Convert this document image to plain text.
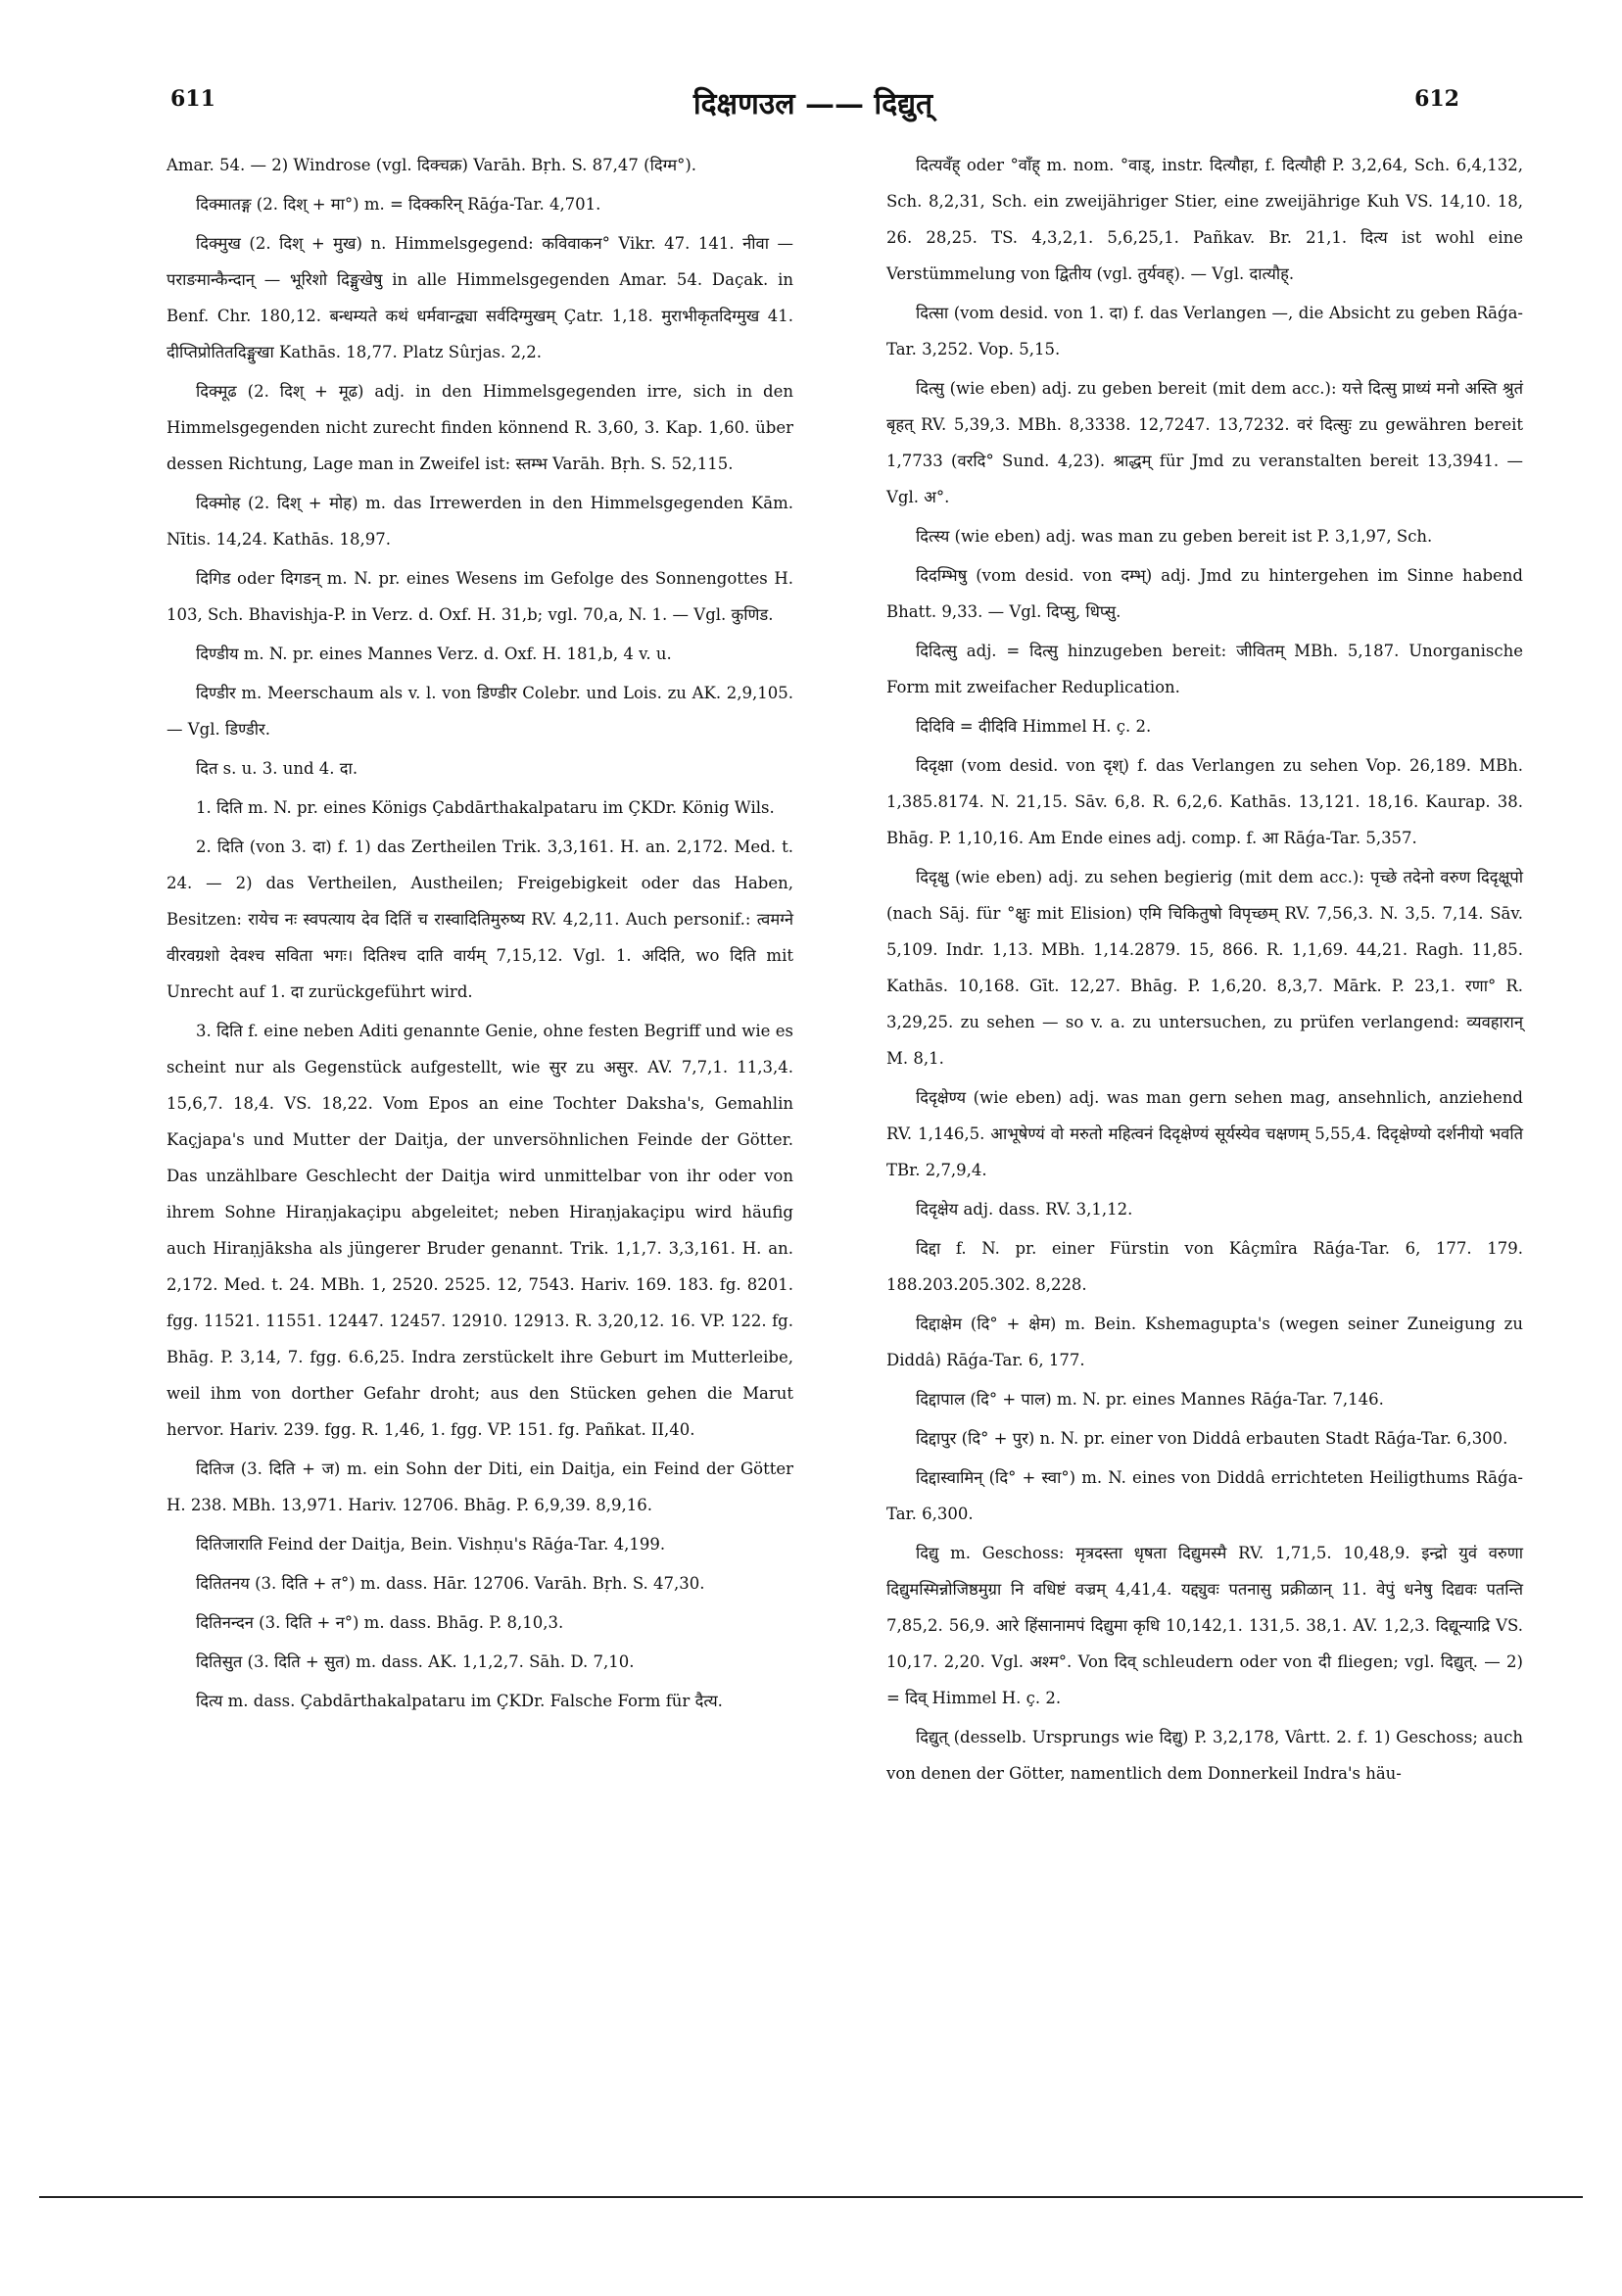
611	दिक्षणउल —— दिद्युत्	612

Amar. 54. — 2) Windrose (vgl. दिक्चक्र) Varāh. Bṛh. S. 87,47 (दिग्म°).

दिक्मातङ्ग (2. दिश् + मा°) m. = दिक्करिन् Rāǵa-Tar. 4,701.

दिक्मुख (2. दिश् + मुख) n. Himmelsgegend: कविवाकन° Vikr. 47. 141. नीवा — पराङमान्कैन्दान् — भूरिशो दिङ्मुखेषु in alle Himmelsgegenden Amar. 54. Daçak. in Benf. Chr. 180,12. बन्धम्यते कथं धर्मवान्द्व्या सर्वदिग्मुखम् Çatr. 1,18. मुराभीकृतदिग्मुख 41. दीप्तिप्रोतितदिङ्मुखा Kathās. 18,77. Platz Sûrjas. 2,2.

दिक्मूढ (2. दिश् + मूढ) adj. in den Himmelsgegenden irre, sich in den Himmelsgegenden nicht zurecht finden könnend R. 3,60, 3. Kap. 1,60. über dessen Richtung, Lage man in Zweifel ist: स्तम्भ Varāh. Bṛh. S. 52,115.

दिक्मोह (2. दिश् + मोह) m. das Irrewerden in den Himmelsgegenden Kām. Nītis. 14,24. Kathās. 18,97.

दिगिड oder दिगडन् m. N. pr. eines Wesens im Gefolge des Sonnengottes H. 103, Sch. Bhavishja-P. in Verz. d. Oxf. H. 31,b; vgl. 70,a, N. 1. — Vgl. कुणिड.

दिण्डीय m. N. pr. eines Mannes Verz. d. Oxf. H. 181,b, 4 v. u.

दिण्डीर m. Meerschaum als v. l. von डिण्डीर Colebr. und Lois. zu AK. 2,9,105. — Vgl. डिण्डीर.

दित s. u. 3. und 4. दा.

1. दिति m. N. pr. eines Königs Çabdārthakalpataru im ÇKDr. König Wils.

2. दिति (von 3. दा) f. 1) das Zertheilen Trik. 3,3,161. H. an. 2,172. Med. t. 24. — 2) das Vertheilen, Austheilen; Freigebigkeit oder das Haben, Besitzen: रायेच नः स्वपत्याय देव दितिं च रास्वादितिमुरुष्य RV. 4,2,11. Auch personif.: त्वमग्ने वीरवग्रशो देवश्च सविता भगः। दितिश्च दाति वार्यम् 7,15,12. Vgl. 1. अदिति, wo दिति mit Unrecht auf 1. दा zurückgeführt wird.

3. दिति f. eine neben Aditi genannte Genie, ohne festen Begriff und wie es scheint nur als Gegenstück aufgestellt, wie सुर zu असुर. AV. 7,7,1. 11,3,4. 15,6,7. 18,4. VS. 18,22. Vom Epos an eine Tochter Daksha's, Gemahlin Kaçjapa's und Mutter der Daitja, der unversöhnlichen Feinde der Götter. Das unzählbare Geschlecht der Daitja wird unmittelbar von ihr oder von ihrem Sohne Hiraṇjakaçipu abgeleitet; neben Hiraṇjakaçipu wird häufig auch Hiraṇjāksha als jüngerer Bruder genannt. Trik. 1,1,7. 3,3,161. H. an. 2,172. Med. t. 24. MBh. 1, 2520. 2525. 12, 7543. Hariv. 169. 183. fg. 8201. fgg. 11521. 11551. 12447. 12457. 12910. 12913. R. 3,20,12. 16. VP. 122. fg. Bhāg. P. 3,14, 7. fgg. 6.6,25. Indra zerstückelt ihre Geburt im Mutterleibe, weil ihm von dorther Gefahr droht; aus den Stücken gehen die Marut hervor. Hariv. 239. fgg. R. 1,46, 1. fgg. VP. 151. fg. Pañkat. II,40.

दितिज (3. दिति + ज) m. ein Sohn der Diti, ein Daitja, ein Feind der Götter H. 238. MBh. 13,971. Hariv. 12706. Bhāg. P. 6,9,39. 8,9,16.

दितिजाराति Feind der Daitja, Bein. Vishṇu's Rāǵa-Tar. 4,199.

दितितनय (3. दिति + त°) m. dass. Hār. 12706. Varāh. Bṛh. S. 47,30.

दितिनन्दन (3. दिति + न°) m. dass. Bhāg. P. 8,10,3.

दितिसुत (3. दिति + सुत) m. dass. AK. 1,1,2,7. Sāh. D. 7,10.

दित्य m. dass. Çabdārthakalpataru im ÇKDr. Falsche Form für दैत्य.

दित्यवँह् oder °वाँह् m. nom. °वाड्, instr. दित्यौहा, f. दित्यौही P. 3,2,64, Sch. 6,4,132, Sch. 8,2,31, Sch. ein zweijähriger Stier, eine zweijährige Kuh VS. 14,10. 18, 26. 28,25. TS. 4,3,2,1. 5,6,25,1. Pañkav. Br. 21,1. दित्य ist wohl eine Verstümmelung von द्वितीय (vgl. तुर्यवह्). — Vgl. दात्यौह्.

दित्सा (vom desid. von 1. दा) f. das Verlangen —, die Absicht zu geben Rāǵa-Tar. 3,252. Vop. 5,15.

दित्सु (wie eben) adj. zu geben bereit (mit dem acc.): यत्ते दित्सु प्राध्यं मनो अस्ति श्रुतं बृहत् RV. 5,39,3. MBh. 8,3338. 12,7247. 13,7232. वरं दित्सुः zu gewähren bereit 1,7733 (वरदि° Sund. 4,23). श्राद्धम् für Jmd zu veranstalten bereit 13,3941. — Vgl. अ°.

दित्स्य (wie eben) adj. was man zu geben bereit ist P. 3,1,97, Sch.

दिदम्भिषु (vom desid. von दम्भ्) adj. Jmd zu hintergehen im Sinne habend Bhatt. 9,33. — Vgl. दिप्सु, धिप्सु.

दिदित्सु adj. = दित्सु hinzugeben bereit: जीवितम् MBh. 5,187. Unorganische Form mit zweifacher Reduplication.

दिदिवि = दीदिवि Himmel H. ç. 2.

दिदृक्षा (vom desid. von दृश्) f. das Verlangen zu sehen Vop. 26,189. MBh. 1,385.8174. N. 21,15. Sāv. 6,8. R. 6,2,6. Kathās. 13,121. 18,16. Kaurap. 38. Bhāg. P. 1,10,16. Am Ende eines adj. comp. f. आ Rāǵa-Tar. 5,357.

दिदृक्षु (wie eben) adj. zu sehen begierig (mit dem acc.): पृच्छे तदेनो वरुण दिदृक्षूपो (nach Sāj. für °क्षुः mit Elision) एमि चिकितुषो विपृच्छम् RV. 7,56,3. N. 3,5. 7,14. Sāv. 5,109. Indr. 1,13. MBh. 1,14.2879. 15, 866. R. 1,1,69. 44,21. Ragh. 11,85. Kathās. 10,168. Gīt. 12,27. Bhāg. P. 1,6,20. 8,3,7. Mārk. P. 23,1. रणा° R. 3,29,25. zu sehen — so v. a. zu untersuchen, zu prüfen verlangend: व्यवहारान् M. 8,1.

दिदृक्षेण्य (wie eben) adj. was man gern sehen mag, ansehnlich, anziehend RV. 1,146,5. आभूषेण्यं वो मरुतो महित्वनं दिदृक्षेण्यं सूर्यस्येव चक्षणम् 5,55,4. दिदृक्षेण्यो दर्शनीयो भवति TBr. 2,7,9,4.

दिदृक्षेय adj. dass. RV. 3,1,12.

दिद्दा f. N. pr. einer Fürstin von Kâçmîra Rāǵa-Tar. 6, 177. 179. 188.203.205.302. 8,228.

दिद्दाक्षेम (दि° + क्षेम) m. Bein. Kshemagupta's (wegen seiner Zuneigung zu Diddâ) Rāǵa-Tar. 6, 177.

दिद्दापाल (दि° + पाल) m. N. pr. eines Mannes Rāǵa-Tar. 7,146.

दिद्दापुर (दि° + पुर) n. N. pr. einer von Diddâ erbauten Stadt Rāǵa-Tar. 6,300.

दिद्दास्वामिन् (दि° + स्वा°) m. N. eines von Diddâ errichteten Heiligthums Rāǵa-Tar. 6,300.

दिद्यु m. Geschoss: मृत्रदस्ता धृषता दिद्युमस्मै RV. 1,71,5. 10,48,9. इन्द्रो युवं वरुणा दिद्युमस्मिन्नोजिष्ठमुग्रा नि वधिष्टं वज्रम् 4,41,4. यद्द्युवः पतनासु प्रक्रीळान् 11. वेपुं धनेषु दिद्यवः पतन्ति 7,85,2. 56,9. आरे हिंसानामपं दिद्युमा कृधि 10,142,1. 131,5. 38,1. AV. 1,2,3. दिद्यून्याद्रि VS. 10,17. 2,20. Vgl. अश्म°. Von दिव् schleudern oder von दी fliegen; vgl. दिद्युत्. — 2) = दिव् Himmel H. ç. 2.

दिद्युत् (desselb. Ursprungs wie दिद्यु) P. 3,2,178, Vârtt. 2. f. 1) Geschoss; auch von denen der Götter, namentlich dem Donnerkeil Indra's häu-
